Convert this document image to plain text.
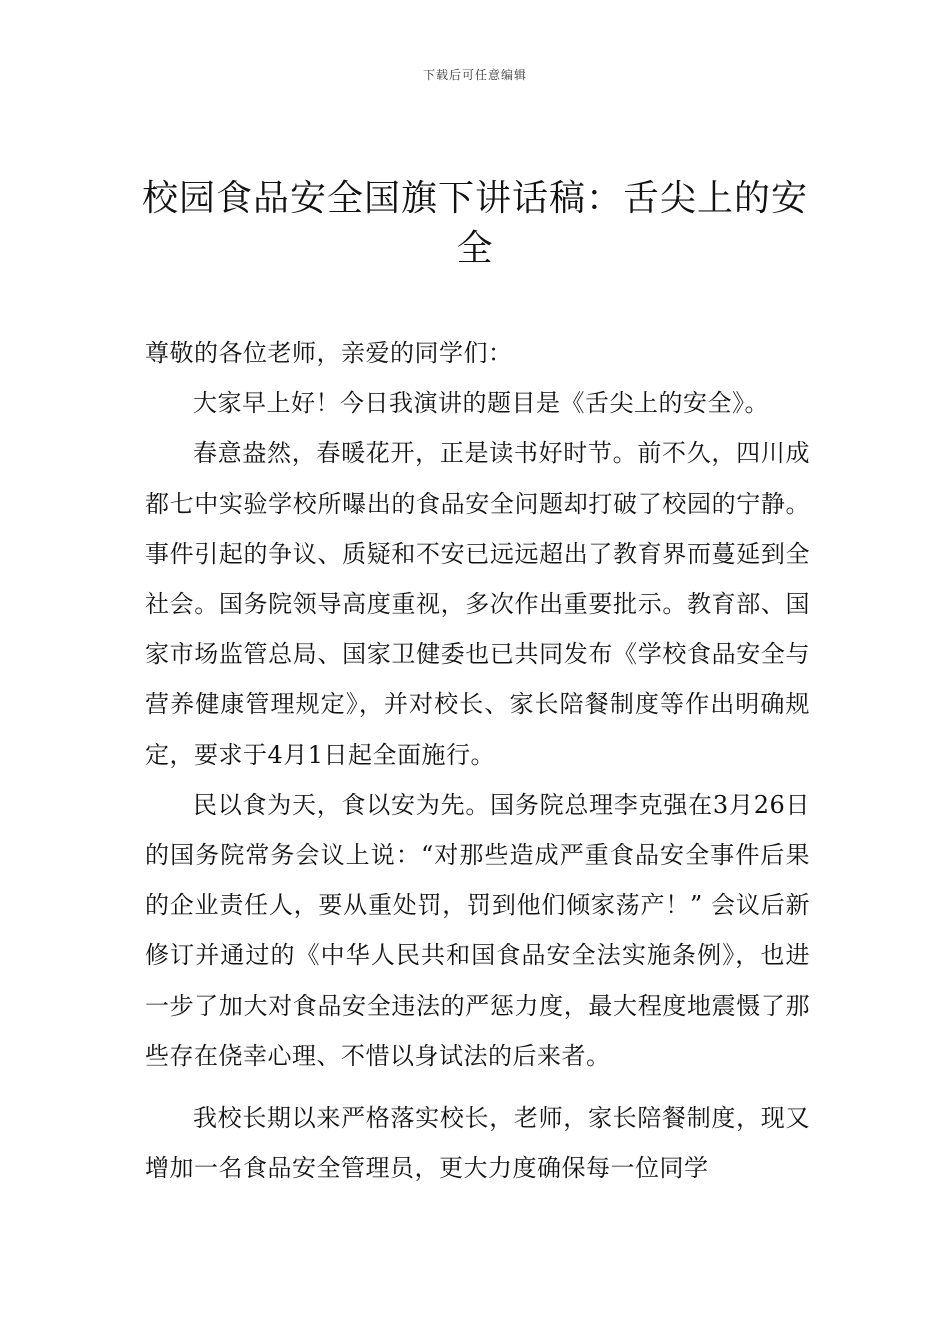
下载后可任意编辑
校园食品安全国旗下讲话稿：舌尖上的安全

尊敬的各位老师，亲爱的同学们：

大家早上好！今日我演讲的题目是《舌尖上的安全》。

春意盎然，春暖花开，正是读书好时节。前不久，四川成都七中实验学校所曝出的食品安全问题却打破了校园的宁静。事件引起的争议、质疑和不安已远远超出了教育界而蔓延到全社会。国务院领导高度重视，多次作出重要批示。教育部、国家市场监管总局、国家卫健委也已共同发布《学校食品安全与营养健康管理规定》，并对校长、家长陪餐制度等作出明确规定，要求于4月1日起全面施行。

民以食为天，食以安为先。国务院总理李克强在3月26日的国务院常务会议上说：“对那些造成严重食品安全事件后果的企业责任人，要从重处罚，罚到他们倾家荡产！” 会议后新修订并通过的《中华人民共和国食品安全法实施条例》，也进一步了加大对食品安全违法的严惩力度，最大程度地震慑了那些存在侥幸心理、不惜以身试法的后来者。

我校长期以来严格落实校长，老师，家长陪餐制度，现又增加一名食品安全管理员，更大力度确保每一位同学
